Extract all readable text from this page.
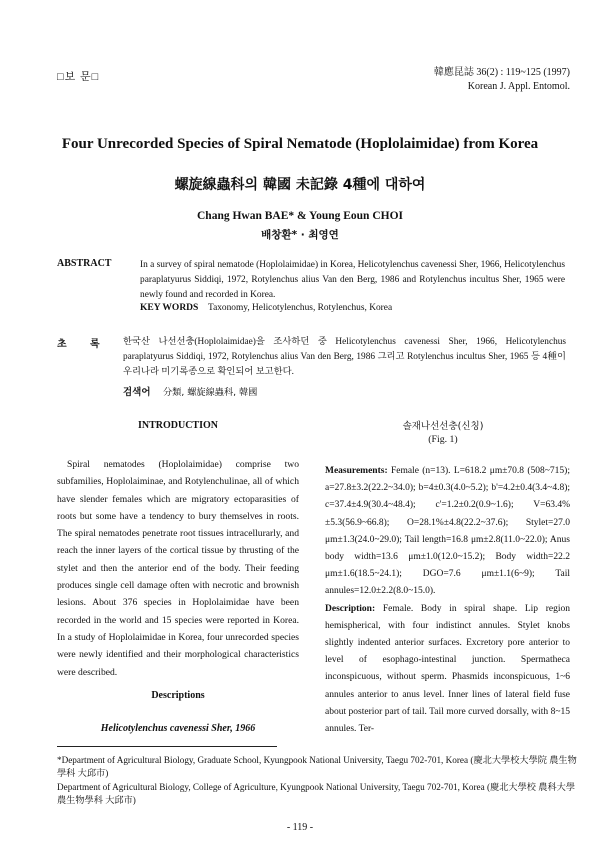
□보 문□	韓應昆誌 36(2) : 119~125 (1997)
Korean J. Appl. Entomol.
Four Unrecorded Species of Spiral Nematode (Hoplolaimidae) from Korea
螺旋線蟲科의 韓國 未記錄 4種에 대하여
Chang Hwan BAE* & Young Eoun CHOI
배창환* · 최영연
ABSTRACT	In a survey of spiral nematode (Hoplolaimidae) in Korea, Helicotylenchus cavenessi Sher, 1966, Helicotylenchus paraplatyurus Siddiqi, 1972, Rotylenchus alius Van den Berg, 1986 and Rotylenchus incultus Sher, 1965 were newly found and recorded in Korea.
KEY WORDS Taxonomy, Helicotylenchus, Rotylenchus, Korea
초 록	한국산 나선선충(Hoplolaimidae)을 조사하던 중 Helicotylenchus cavenessi Sher, 1966, Helicotylenchus paraplatyurus Siddiqi, 1972, Rotylenchus alius Van den Berg, 1986 그리고 Rotylenchus incultus Sher, 1965 등 4種이 우리나라 미기록종으로 확인되어 보고한다.
검색어 分類, 螺旋線蟲科, 韓國
INTRODUCTION
Spiral nematodes (Hoplolaimidae) comprise two subfamilies, Hoplolaiminae, and Rotylenchulinae, all of which have slender females which are migratory ectoparasities of roots but some have a tendency to bury themselves in roots. The spiral nematodes penetrate root tissues intracellurarly, and reach the inner layers of the cortical tissue by thrusting of the stylet and then the anterior end of the body. Their feeding produces single cell damage often with necrotic and brownish lesions. About 376 species in Hoplolaimidae have been recorded in the world and 15 species were reported in Korea. In a study of Hoplolaimidae in Korea, four unrecorded species were newly identified and their morphological characteristics were described.
Descriptions
Helicotylenchus cavenessi Sher, 1966
솔재나선선충(신칭)
(Fig. 1)
Measurements: Female (n=13). L=618.2 μm±70.8 (508~715); a=27.8±3.2(22.2~34.0); b=4±0.3(4.0~5.2); b'=4.2±0.4(3.4~4.8); c=37.4±4.9(30.4~48.4); c'=1.2±0.2(0.9~1.6); V=63.4%±5.3(56.9~66.8); O=28.1%±4.8(22.2~37.6); Stylet=27.0 μm±1.3(24.0~29.0); Tail length=16.8 μm±2.8(11.0~22.0); Anus body width=13.6 μm±1.0(12.0~15.2); Body width=22.2 μm±1.6(18.5~24.1); DGO=7.6 μm±1.1(6~9); Tail annules=12.0±2.2(8.0~15.0).
Description: Female. Body in spiral shape. Lip region hemispherical, with four indistinct annules. Stylet knobs slightly indented anterior surfaces. Excretory pore anterior to level of esophago-intestinal junction. Spermatheca inconspicuous, without sperm. Phasmids inconspicuous, 1~6 annules anterior to anus level. Inner lines of lateral field fuse about posterior part of tail. Tail more curved dorsally, with 8~15 annules. Ter-
*Department of Agricultural Biology, Graduate School, Kyungpook National University, Taegu 702-701, Korea (慶北大學校大學院 農生物學科 大邱市)
Department of Agricultural Biology, College of Agriculture, Kyungpook National University, Taegu 702-701, Korea (慶北大學校 農科大學 農生物學科 大邱市)
- 119 -
